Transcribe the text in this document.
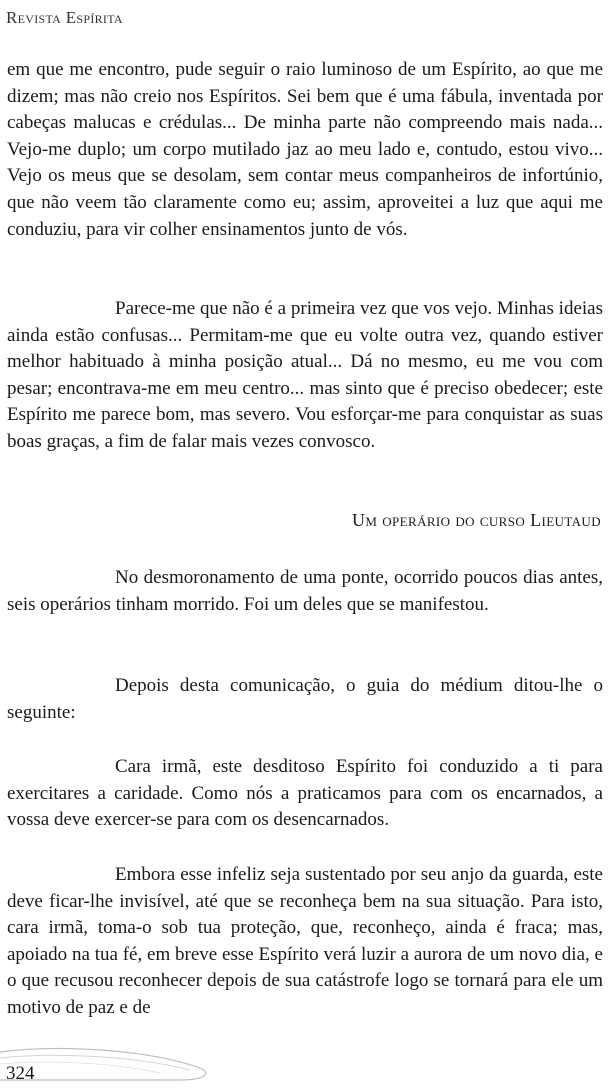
Revista Espírita

em que me encontro, pude seguir o raio luminoso de um Espírito, ao que me dizem; mas não creio nos Espíritos. Sei bem que é uma fábula, inventada por cabeças malucas e crédulas... De minha parte não compreendo mais nada... Vejo-me duplo; um corpo mutilado jaz ao meu lado e, contudo, estou vivo... Vejo os meus que se desolam, sem contar meus companheiros de infortúnio, que não veem tão claramente como eu; assim, aproveitei a luz que aqui me conduziu, para vir colher ensinamentos junto de vós.

Parece-me que não é a primeira vez que vos vejo. Minhas ideias ainda estão confusas... Permitam-me que eu volte outra vez, quando estiver melhor habituado à minha posição atual... Dá no mesmo, eu me vou com pesar; encontrava-me em meu centro... mas sinto que é preciso obedecer; este Espírito me parece bom, mas severo. Vou esforçar-me para conquistar as suas boas graças, a fim de falar mais vezes convosco.

Um operário do curso Lieutaud

No desmoronamento de uma ponte, ocorrido poucos dias antes, seis operários tinham morrido. Foi um deles que se manifestou.

Depois desta comunicação, o guia do médium ditou-lhe o seguinte:

Cara irmã, este desditoso Espírito foi conduzido a ti para exercitares a caridade. Como nós a praticamos para com os encarnados, a vossa deve exercer-se para com os desencarnados.

Embora esse infeliz seja sustentado por seu anjo da guarda, este deve ficar-lhe invisível, até que se reconheça bem na sua situação. Para isto, cara irmã, toma-o sob tua proteção, que, reconheço, ainda é fraca; mas, apoiado na tua fé, em breve esse Espírito verá luzir a aurora de um novo dia, e o que recusou reconhecer depois de sua catástrofe logo se tornará para ele um motivo de paz e de

324
